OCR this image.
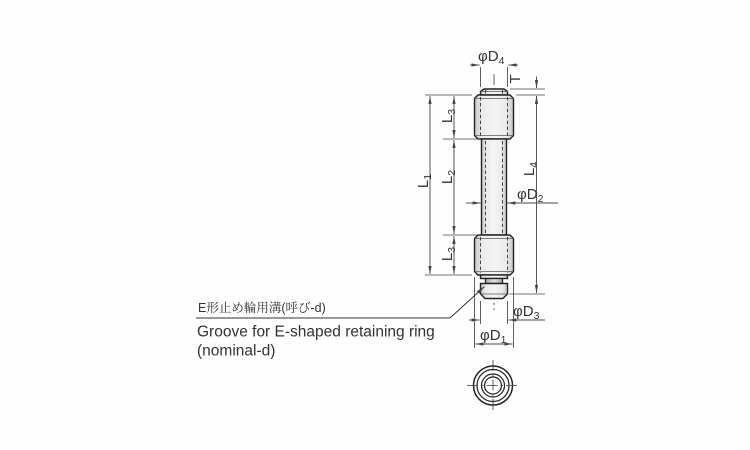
$\varphi D_4$
T
$L_4$
$L_1$
$L_3$
$L_2$
$L_3$
$\varphi D_2$
$\varphi D_3$
$\varphi D_1$
E形止め輪用溝(呼び-d)
Groove for E-shaped retaining ring
(nominal-d)
